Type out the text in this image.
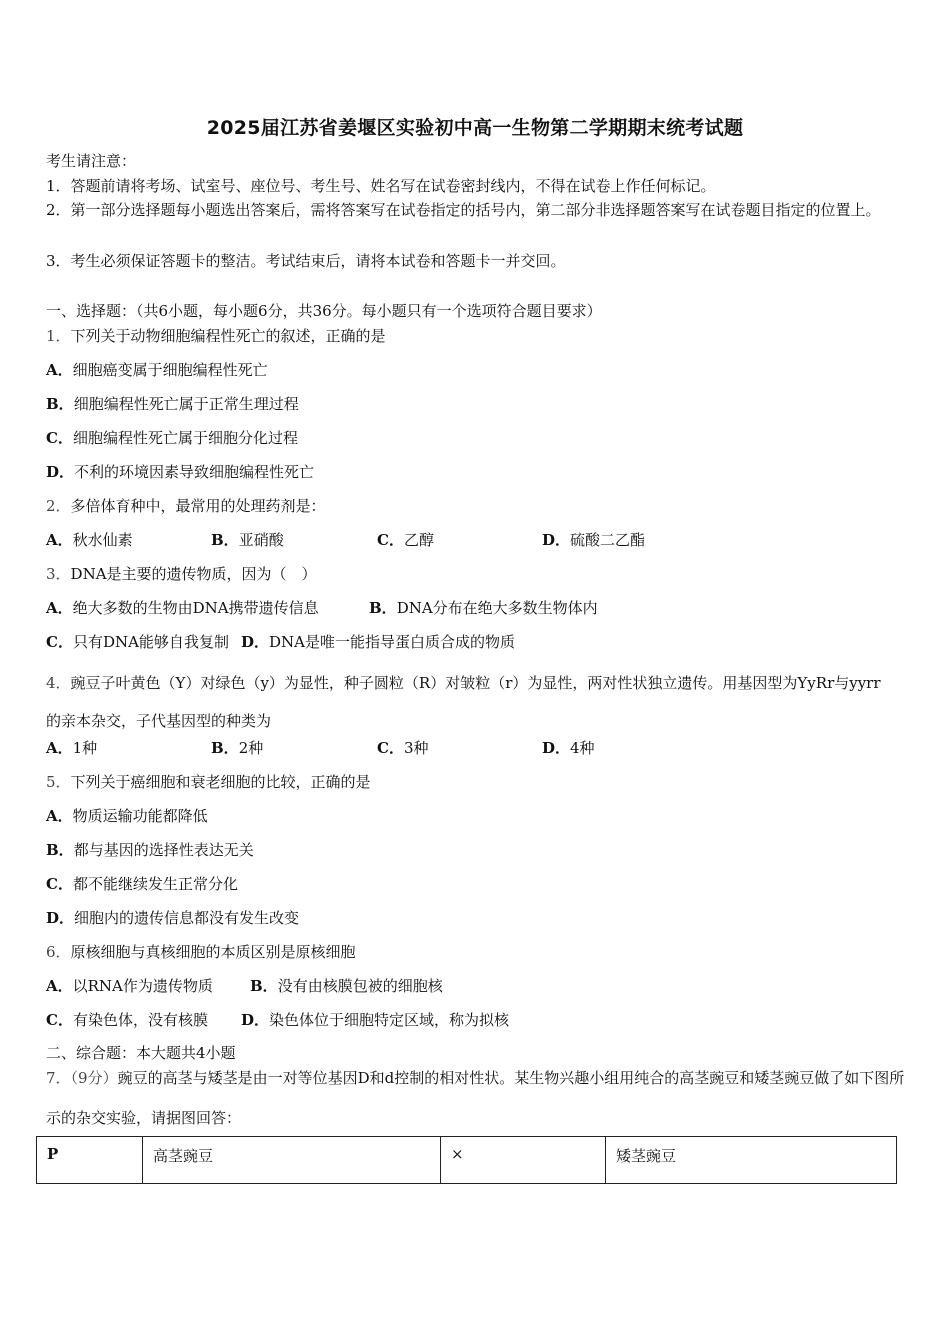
2025届江苏省姜堰区实验初中高一生物第二学期期末统考试题
考生请注意：
1．答题前请将考场、试室号、座位号、考生号、姓名写在试卷密封线内，不得在试卷上作任何标记。
2．第一部分选择题每小题选出答案后，需将答案写在试卷指定的括号内，第二部分非选择题答案写在试卷题目指定的位置上。
3．考生必须保证答题卡的整洁。考试结束后，请将本试卷和答题卡一并交回。
一、选择题：（共6小题，每小题6分，共36分。每小题只有一个选项符合题目要求）
1．下列关于动物细胞编程性死亡的叙述，正确的是
A．细胞癌变属于细胞编程性死亡
B．细胞编程性死亡属于正常生理过程
C．细胞编程性死亡属于细胞分化过程
D．不利的环境因素导致细胞编程性死亡
2．多倍体育种中，最常用的处理药剂是：
A．秋水仙素	B．亚硝酸	C．乙醇	D．硫酸二乙酯
3．DNA是主要的遗传物质，因为（　）
A．绝大多数的生物由DNA携带遗传信息	B．DNA分布在绝大多数生物体内
C．只有DNA能够自我复制 D．DNA是唯一能指导蛋白质合成的物质
4．豌豆子叶黄色（Y）对绿色（y）为显性，种子圆粒（R）对皱粒（r）为显性，两对性状独立遗传。用基因型为YyRr与yyrr的亲本杂交，子代基因型的种类为
A．1种	B．2种	C．3种	D．4种
5．下列关于癌细胞和衰老细胞的比较，正确的是
A．物质运输功能都降低
B．都与基因的选择性表达无关
C．都不能继续发生正常分化
D．细胞内的遗传信息都没有发生改变
6．原核细胞与真核细胞的本质区别是原核细胞
A．以RNA作为遗传物质 B．没有由核膜包被的细胞核
C．有染色体，没有核膜 D．染色体位于细胞特定区域，称为拟核
二、综合题：本大题共4小题
7．（9分）豌豆的高茎与矮茎是由一对等位基因D和d控制的相对性状。某生物兴趣小组用纯合的高茎豌豆和矮茎豌豆做了如下图所示的杂交实验，请据图回答：
P	高茎豌豆	×	矮茎豌豆
